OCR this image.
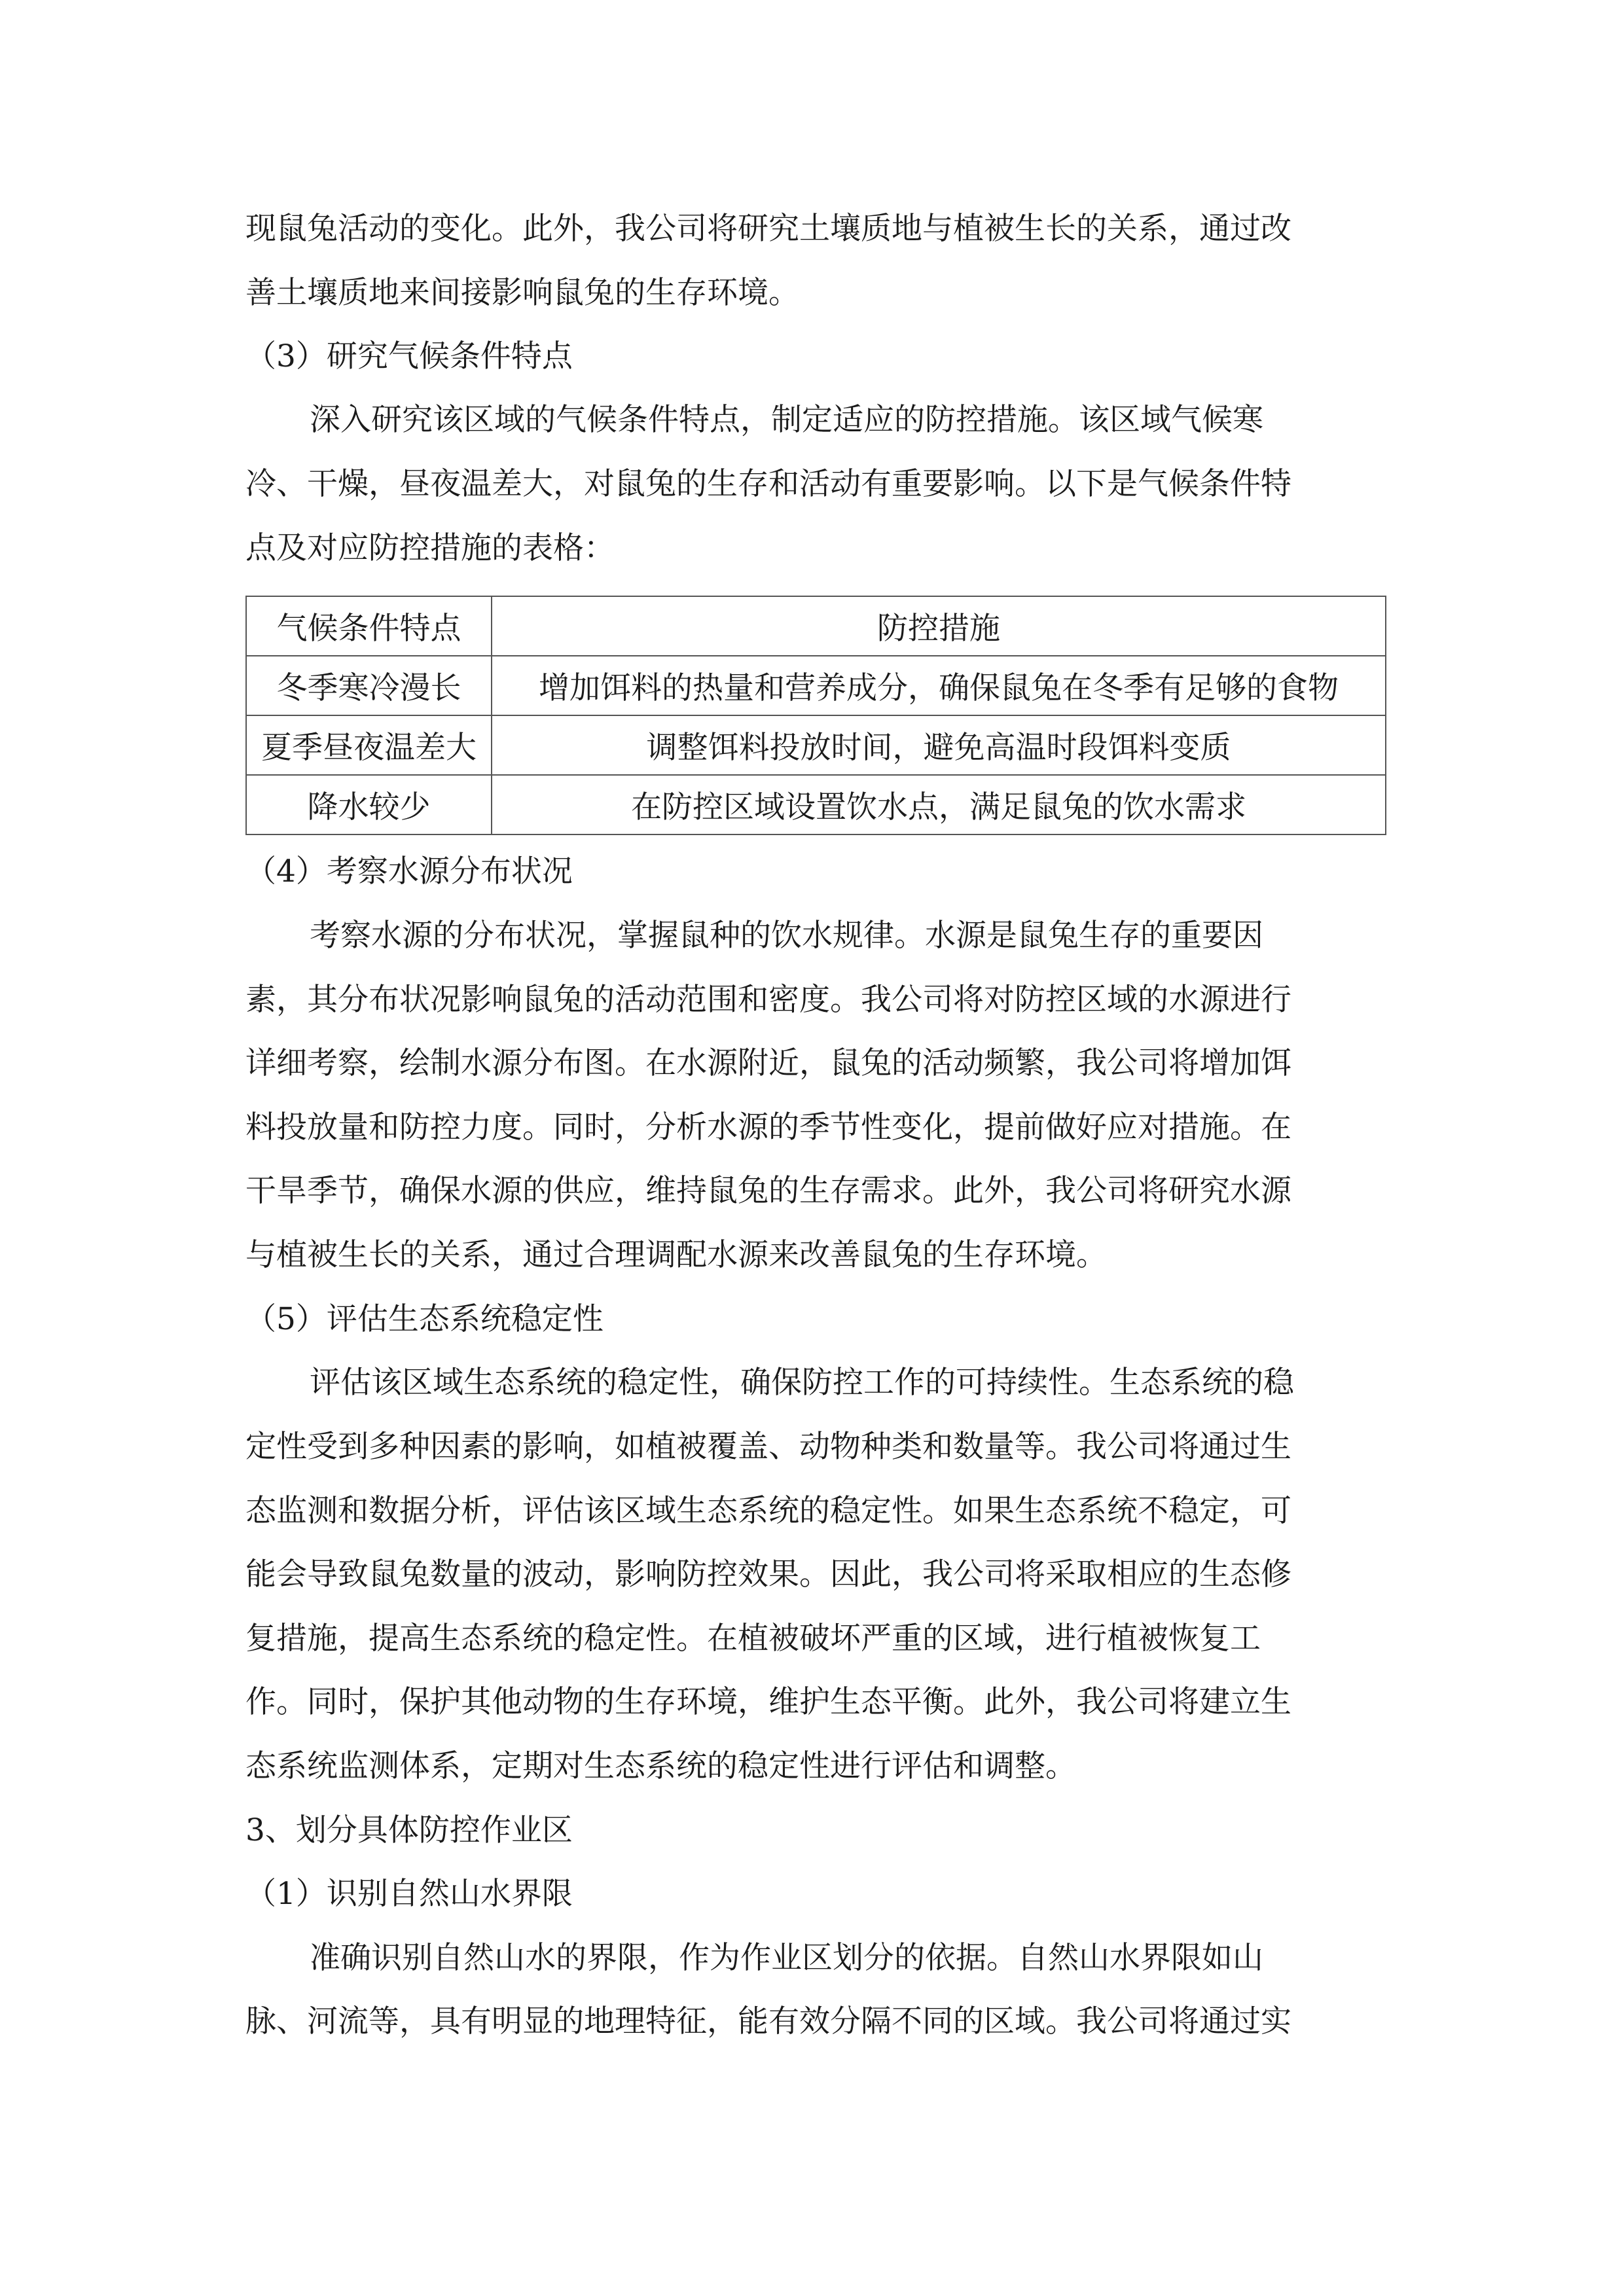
现鼠兔活动的变化。此外，我公司将研究土壤质地与植被生长的关系，通过改
善土壤质地来间接影响鼠兔的生存环境。
（3）研究气候条件特点
深入研究该区域的气候条件特点，制定适应的防控措施。该区域气候寒
冷、干燥，昼夜温差大，对鼠兔的生存和活动有重要影响。以下是气候条件特
点及对应防控措施的表格：
气候条件特点	防控措施
冬季寒冷漫长	增加饵料的热量和营养成分，确保鼠兔在冬季有足够的食物
夏季昼夜温差大	调整饵料投放时间，避免高温时段饵料变质
降水较少	在防控区域设置饮水点，满足鼠兔的饮水需求
（4）考察水源分布状况
考察水源的分布状况，掌握鼠种的饮水规律。水源是鼠兔生存的重要因
素，其分布状况影响鼠兔的活动范围和密度。我公司将对防控区域的水源进行
详细考察，绘制水源分布图。在水源附近，鼠兔的活动频繁，我公司将增加饵
料投放量和防控力度。同时，分析水源的季节性变化，提前做好应对措施。在
干旱季节，确保水源的供应，维持鼠兔的生存需求。此外，我公司将研究水源
与植被生长的关系，通过合理调配水源来改善鼠兔的生存环境。
（5）评估生态系统稳定性
评估该区域生态系统的稳定性，确保防控工作的可持续性。生态系统的稳
定性受到多种因素的影响，如植被覆盖、动物种类和数量等。我公司将通过生
态监测和数据分析，评估该区域生态系统的稳定性。如果生态系统不稳定，可
能会导致鼠兔数量的波动，影响防控效果。因此，我公司将采取相应的生态修
复措施，提高生态系统的稳定性。在植被破坏严重的区域，进行植被恢复工
作。同时，保护其他动物的生存环境，维护生态平衡。此外，我公司将建立生
态系统监测体系，定期对生态系统的稳定性进行评估和调整。
3、划分具体防控作业区
（1）识别自然山水界限
准确识别自然山水的界限，作为作业区划分的依据。自然山水界限如山
脉、河流等，具有明显的地理特征，能有效分隔不同的区域。我公司将通过实
